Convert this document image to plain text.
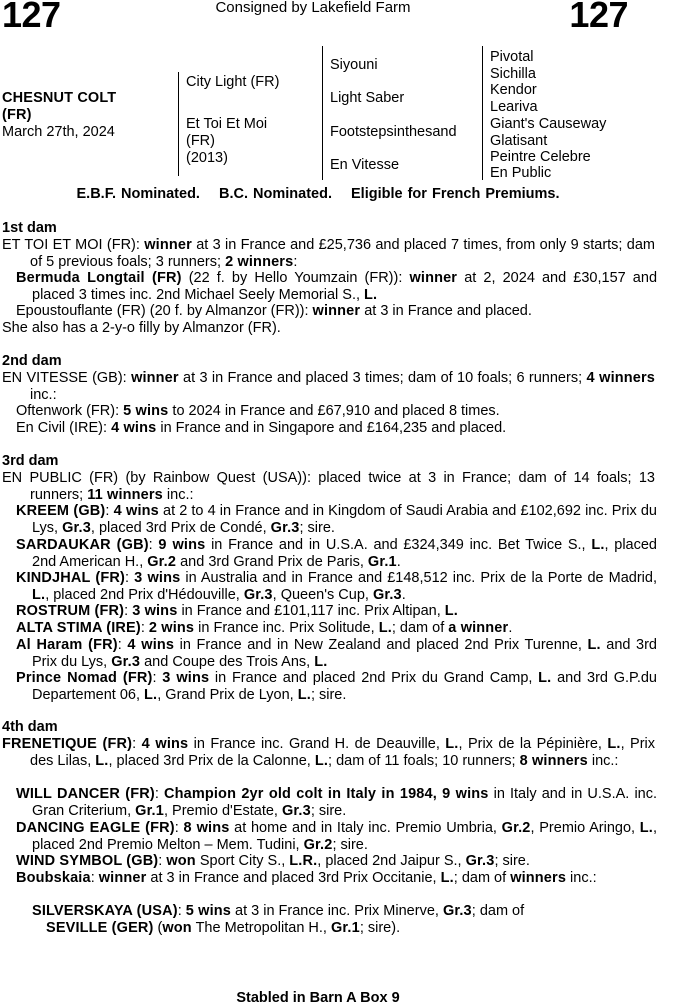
127	Consigned by Lakefield Farm	127
CHESNUT COLT
(FR)
March 27th, 2024
City Light (FR)
Et Toi Et Moi
(FR)
(2013)
Siyouni
Light Saber
Footstepsinthesand
En Vitesse
Pivotal
Sichilla
Kendor
Leariva
Giant's Causeway
Glatisant
Peintre Celebre
En Public
E.B.F. Nominated. B.C. Nominated. Eligible for French Premiums.
1st dam
ET TOI ET MOI (FR): winner at 3 in France and £25,736 and placed 7 times, from only 9 starts; dam of 5 previous foals; 3 runners; 2 winners:
Bermuda Longtail (FR) (22 f. by Hello Youmzain (FR)): winner at 2, 2024 and £30,157 and placed 3 times inc. 2nd Michael Seely Memorial S., L.
Epoustouflante (FR) (20 f. by Almanzor (FR)): winner at 3 in France and placed.
She also has a 2-y-o filly by Almanzor (FR).
2nd dam
EN VITESSE (GB): winner at 3 in France and placed 3 times; dam of 10 foals; 6 runners; 4 winners inc.:
Oftenwork (FR): 5 wins to 2024 in France and £67,910 and placed 8 times.
En Civil (IRE): 4 wins in France and in Singapore and £164,235 and placed.
3rd dam
EN PUBLIC (FR) (by Rainbow Quest (USA)): placed twice at 3 in France; dam of 14 foals; 13 runners; 11 winners inc.:
KREEM (GB): 4 wins at 2 to 4 in France and in Kingdom of Saudi Arabia and £102,692 inc. Prix du Lys, Gr.3, placed 3rd Prix de Condé, Gr.3; sire.
SARDAUKAR (GB): 9 wins in France and in U.S.A. and £324,349 inc. Bet Twice S., L., placed 2nd American H., Gr.2 and 3rd Grand Prix de Paris, Gr.1.
KINDJHAL (FR): 3 wins in Australia and in France and £148,512 inc. Prix de la Porte de Madrid, L., placed 2nd Prix d'Hédouville, Gr.3, Queen's Cup, Gr.3.
ROSTRUM (FR): 3 wins in France and £101,117 inc. Prix Altipan, L.
ALTA STIMA (IRE): 2 wins in France inc. Prix Solitude, L.; dam of a winner.
Al Haram (FR): 4 wins in France and in New Zealand and placed 2nd Prix Turenne, L. and 3rd Prix du Lys, Gr.3 and Coupe des Trois Ans, L.
Prince Nomad (FR): 3 wins in France and placed 2nd Prix du Grand Camp, L. and 3rd G.P.du Departement 06, L., Grand Prix de Lyon, L.; sire.
4th dam
FRENETIQUE (FR): 4 wins in France inc. Grand H. de Deauville, L., Prix de la Pépinière, L., Prix des Lilas, L., placed 3rd Prix de la Calonne, L.; dam of 11 foals; 10 runners; 8 winners inc.:
WILL DANCER (FR): Champion 2yr old colt in Italy in 1984, 9 wins in Italy and in U.S.A. inc. Gran Criterium, Gr.1, Premio d'Estate, Gr.3; sire.
DANCING EAGLE (FR): 8 wins at home and in Italy inc. Premio Umbria, Gr.2, Premio Aringo, L., placed 2nd Premio Melton – Mem. Tudini, Gr.2; sire.
WIND SYMBOL (GB): won Sport City S., L.R., placed 2nd Jaipur S., Gr.3; sire.
Boubskaia: winner at 3 in France and placed 3rd Prix Occitanie, L.; dam of winners inc.:
SILVERSKAYA (USA): 5 wins at 3 in France inc. Prix Minerve, Gr.3; dam of
SEVILLE (GER) (won The Metropolitan H., Gr.1; sire).
Stabled in Barn A Box 9
